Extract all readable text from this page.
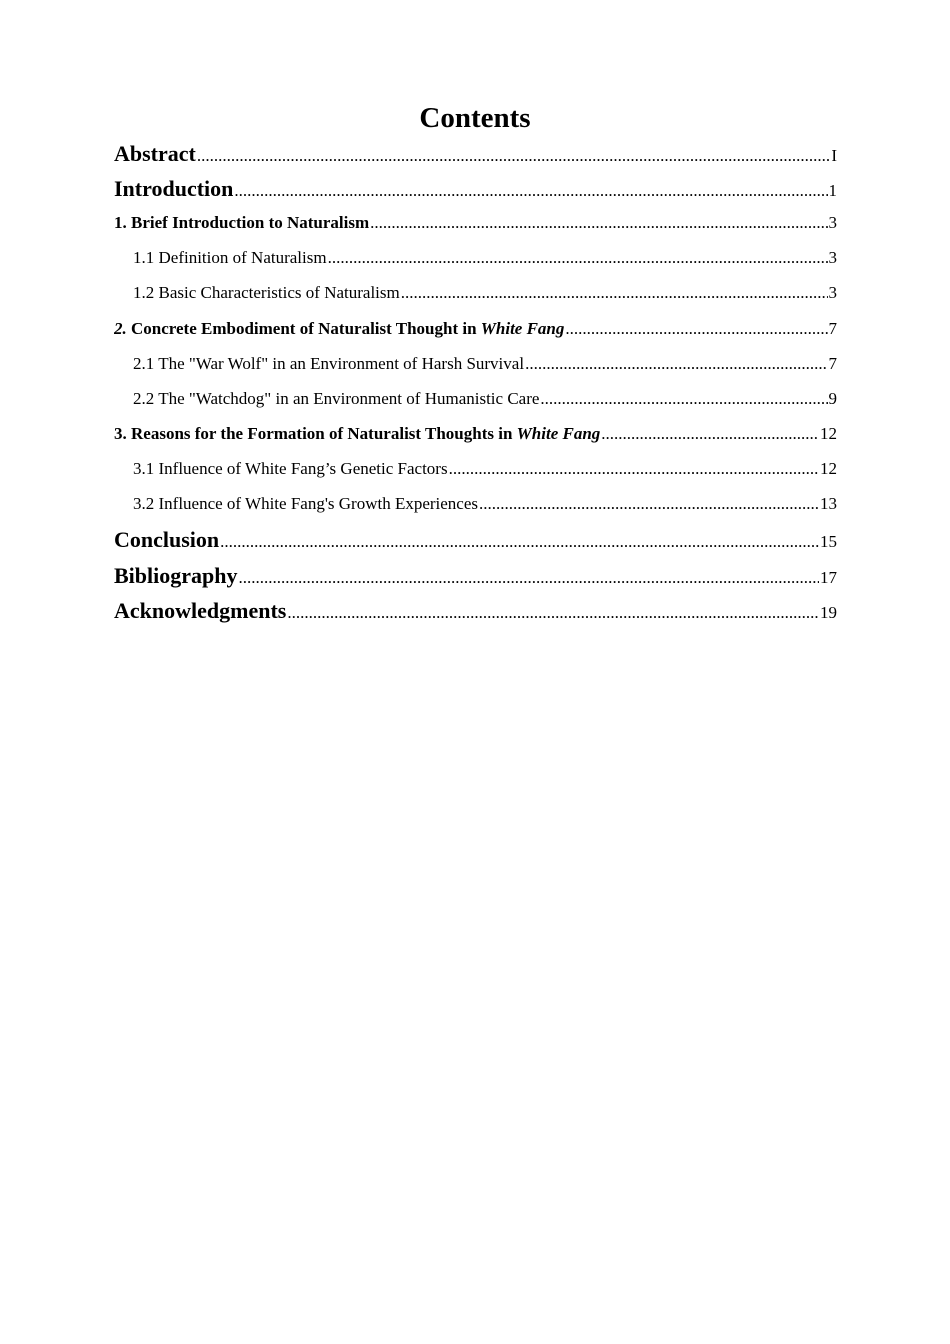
Contents
Abstract .....	I
Introduction .....	1
1. Brief Introduction to Naturalism .....	3
1.1 Definition of Naturalism .....	3
1.2 Basic Characteristics of Naturalism .....	3
2. Concrete Embodiment of Naturalist Thought in White Fang .....	7
2.1 The "War Wolf" in an Environment of Harsh Survival .....	7
2.2 The "Watchdog" in an Environment of Humanistic Care .....	9
3. Reasons for the Formation of Naturalist Thoughts in White Fang .....	12
3.1 Influence of White Fang’s Genetic Factors .....	12
3.2 Influence of White Fang's Growth Experiences .....	13
Conclusion .....	15
Bibliography .....	17
Acknowledgments .....	19
